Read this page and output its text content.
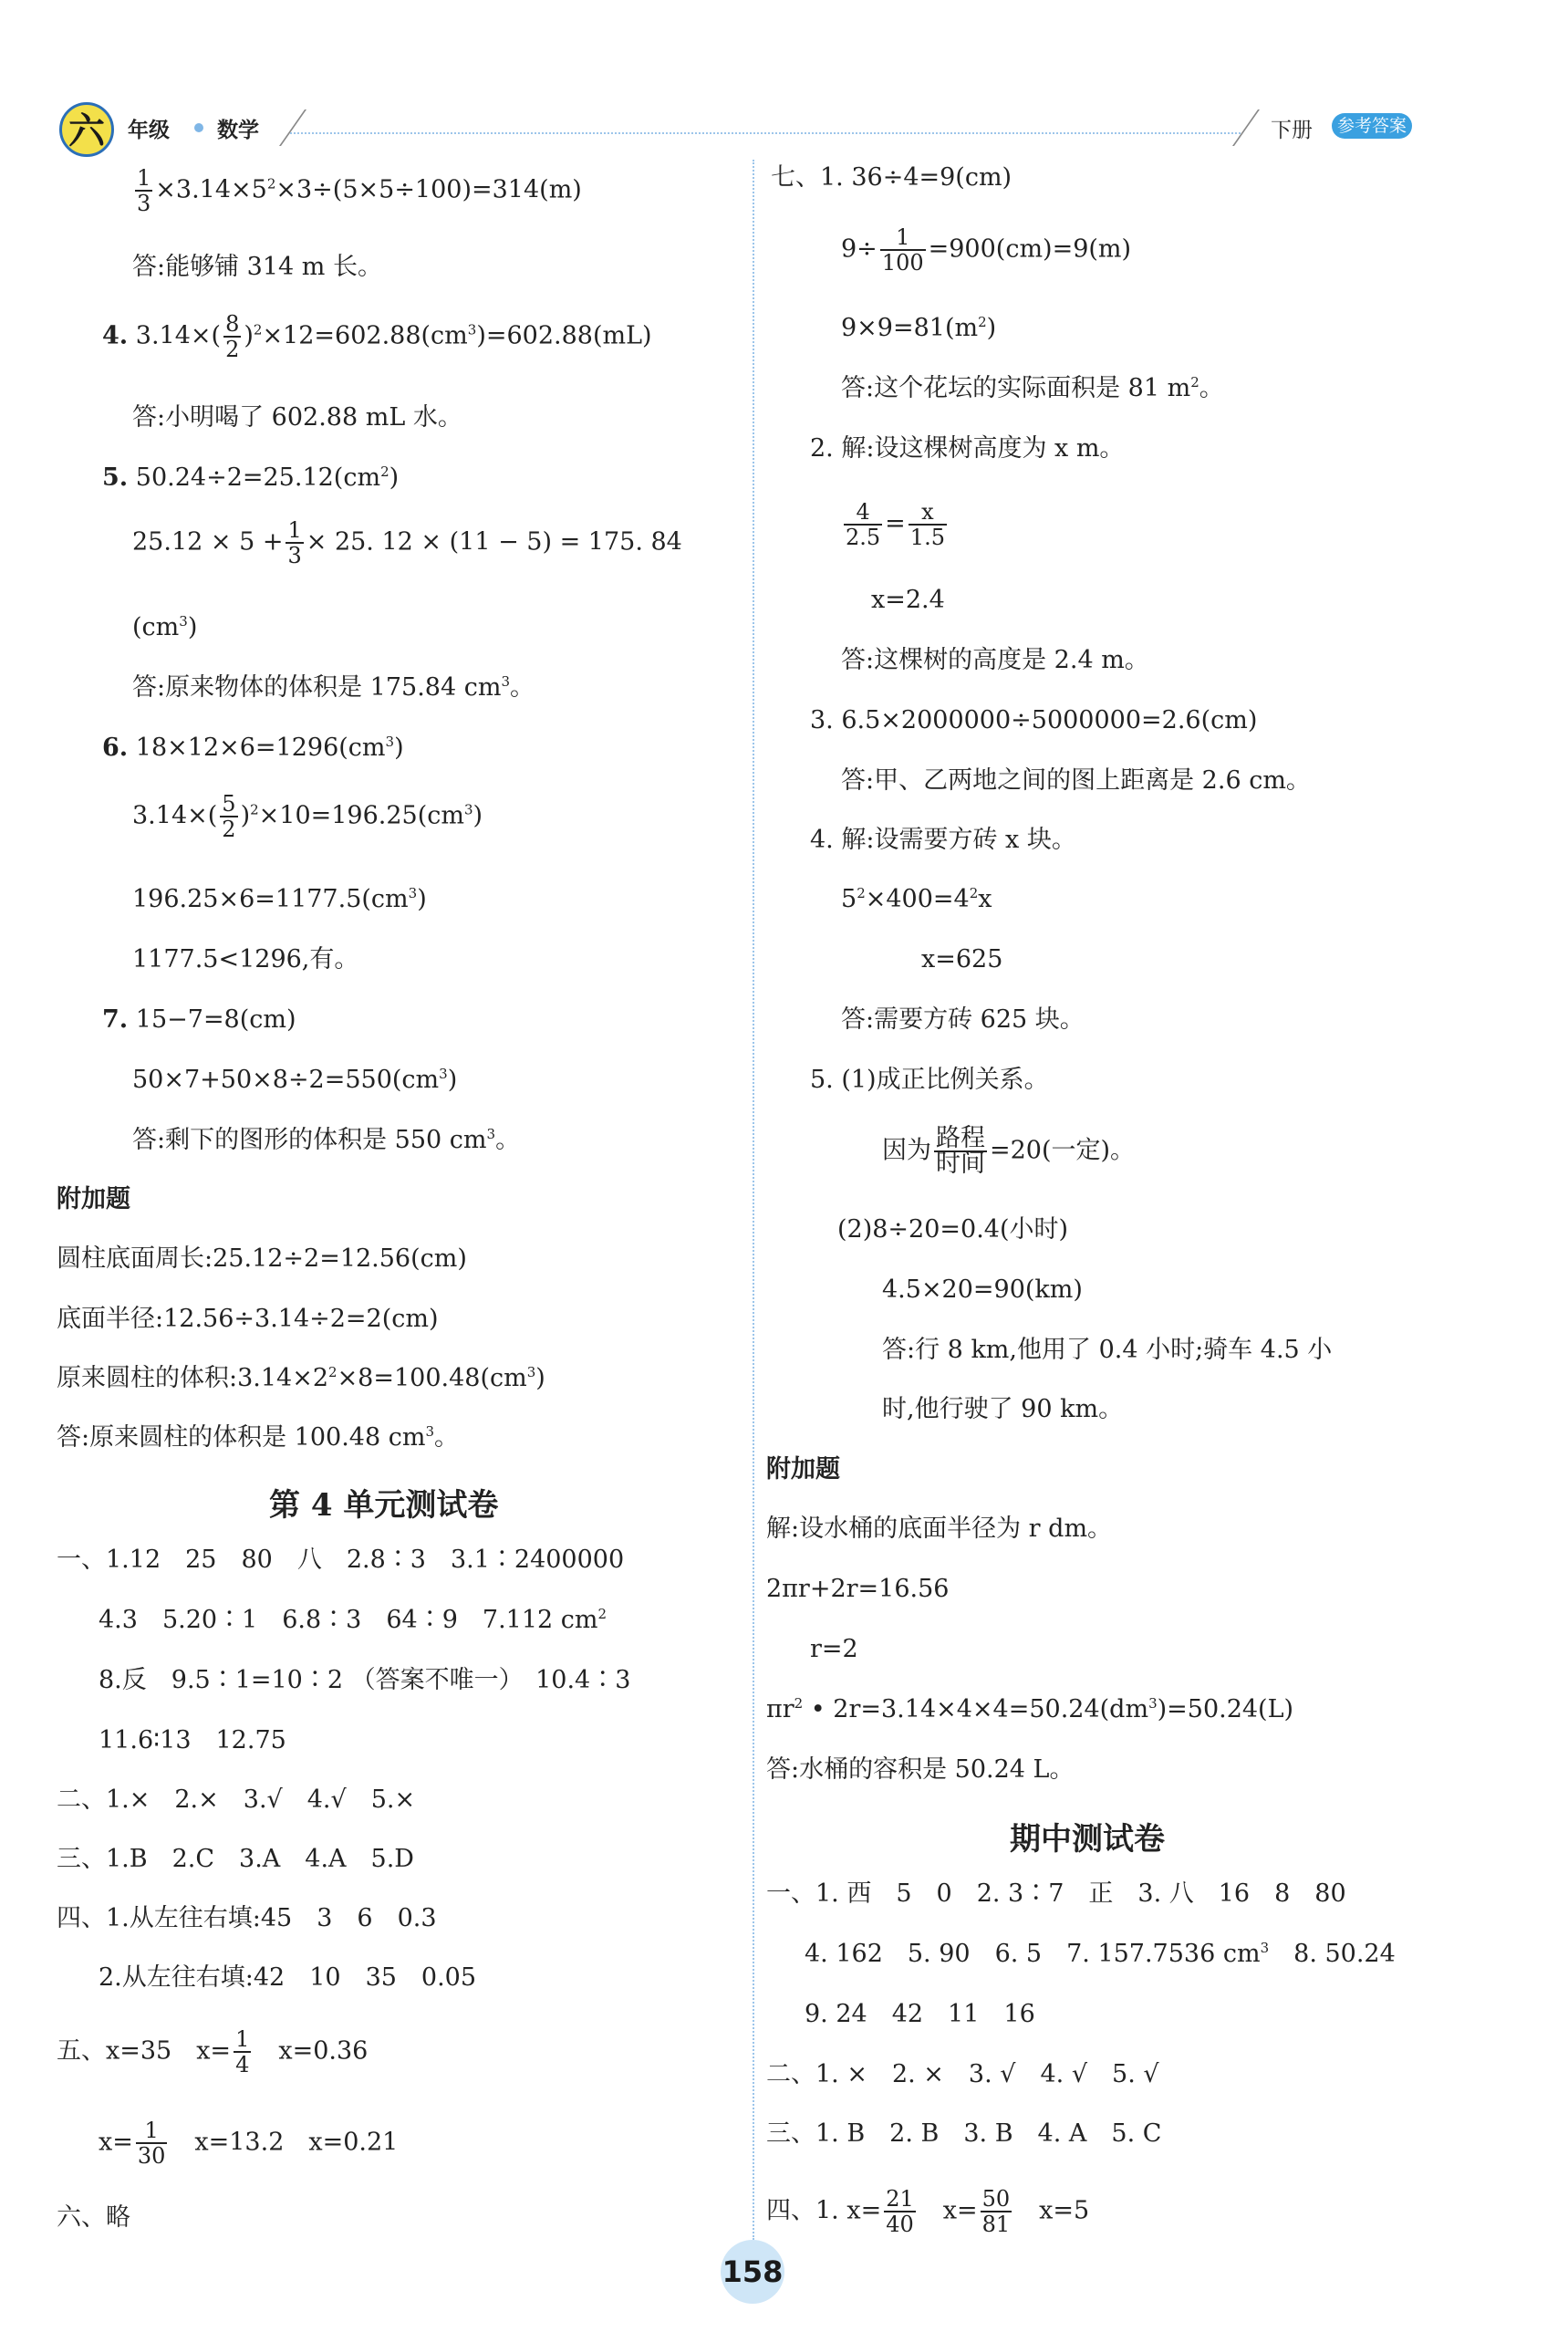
六	年级 数学	下册	参考答案
$\frac{1}{3} \times 3.14\times 5^2\times 3\div(5\times 5\div 100)=314(m)$
答:能够铺 314 m 长。
4. $3.14\times( \frac{8}{2} )^2\times 12=602.88(cm^3)=602.88(mL)$
答:小明喝了 602.88 mL 水。
5. $50.24\div 2=25.12(cm^2)$
$25.12 \times 5 + \frac{1}{3} \times 25$. 12 × (11 − 5) = 175. 84
$(cm^3)$
答:原来物体的体积是 175.84 $cm^3$。
6. $18\times 12\times 6=1296(cm^3)$
$3.14\times( \frac{5}{2} )^2\times 10=196.25(cm^3)$
$196.25\times 6=1177.5(cm^3)$
1177.5<1296,有。
7. 15−7=8(cm)
$50\times 7+50\times 8\div 2=550(cm^3)$
答:剩下的图形的体积是 550 $cm^3$。
附加题
圆柱底面周长:25.12÷2=12.56(cm)
底面半径:12.56÷3.14÷2=2(cm)
原来圆柱的体积$:3.14\times 2^2\times 8=100.48(cm^3)$
答:原来圆柱的体积是 100.48 $cm^3$。
第 4 单元测试卷
一、1.12　25　80　八　2.8∶3　3.1∶2400000
4.3　5.20∶1　6.8∶3　64∶9　7.112 $cm^2$
8.反　9.5∶1=10∶2 （答案不唯一）　10.4∶3
11.6∶13　12.75
二、1.×　2.×　3.√　4.√　5.×
三、1.B　2.C　3.A　4.A　5.D
四、1.从左往右填:45　3　6　0.3
2.从左往右填:42　10　35　0.05
五、x=35　$x= \frac{1}{4}$ 　x=0.36
$x= \frac{1}{30}$ 　x=13.2　x=0.21
六、略
七、1. 36÷4=9(cm)
$9\div \frac{1}{100} =900(cm)=9(m)$
$9\times 9=81(m^2)$
答:这个花坛的实际面积是 81 $m^2$。
2. 解:设这棵树高度为 x m。
$\frac{4}{2.5} = \frac{x}{1.5}$
x=2.4
答:这棵树的高度是 2.4 m。
3. 6.5×2000000÷5000000=2.6(cm)
答:甲、乙两地之间的图上距离是 2.6 cm。
4. 解:设需要方砖 x 块。
$5^2\times 400=4^2x$
x=625
答:需要方砖 625 块。
5. (1)成正比例关系。
因为 $\frac{\text{路程}}{\text{时间}} =20$(一定)。
(2)8÷20=0.4(小时)
4.5×20=90(km)
答:行 8 km,他用了 0.4 小时;骑车 4.5 小
时,他行驶了 90 km。
附加题
解:设水桶的底面半径为 r dm。
2πr+2r=16.56
r=2
$\pi r^2$ • $2r=3.14\times 4\times 4=50.24(dm^3)=50.24(L)$
答:水桶的容积是 50.24 L。
期中测试卷
一、1. 西　5　0　2. 3∶7　正　3. 八　16　8　80
4. 162　5. 90　6. 5　7. 157.7536 $cm^3$　8. 50.24
9. 24　42　11　16
二、1. ×　2. ×　3. √　4. √　5. √
三、1. B　2. B　3. B　4. A　5. C
四、1. $x= \frac{21}{40}$ 　$x= \frac{50}{81}$ 　x=5
158
